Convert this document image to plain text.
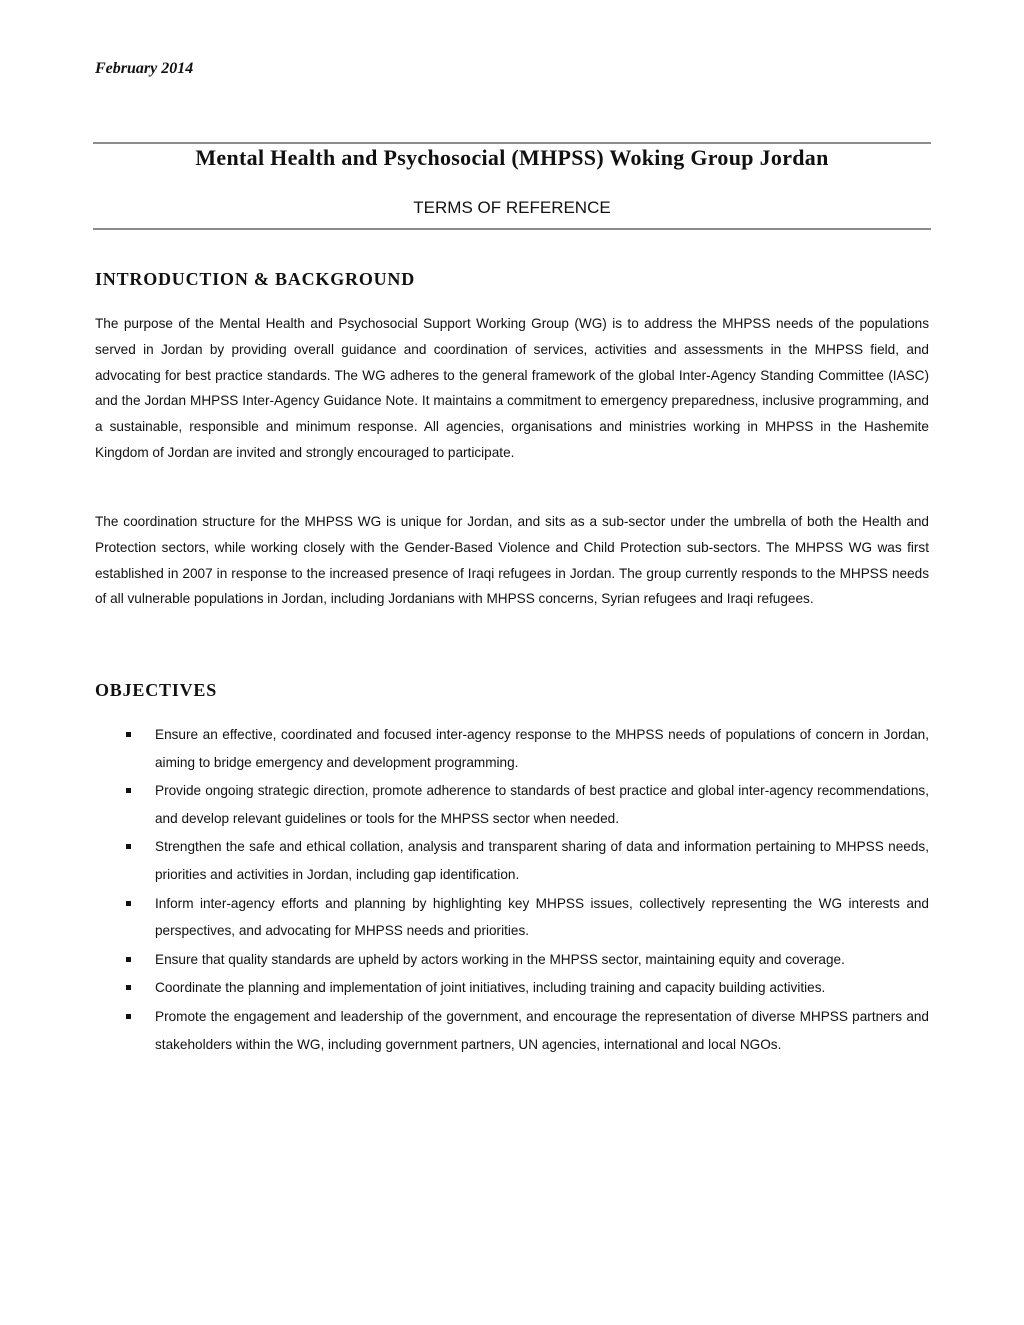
February 2014
Mental Health and Psychosocial (MHPSS) Woking Group Jordan
TERMS OF REFERENCE
INTRODUCTION & BACKGROUND

The purpose of the Mental Health and Psychosocial Support Working Group (WG) is to address the MHPSS needs of the populations served in Jordan by providing overall guidance and coordination of services, activities and assessments in the MHPSS field, and advocating for best practice standards. The WG adheres to the general framework of the global Inter-Agency Standing Committee (IASC) and the Jordan MHPSS Inter-Agency Guidance Note. It maintains a commitment to emergency preparedness, inclusive programming, and a sustainable, responsible and minimum response. All agencies, organisations and ministries working in MHPSS in the Hashemite Kingdom of Jordan are invited and strongly encouraged to participate.

The coordination structure for the MHPSS WG is unique for Jordan, and sits as a sub-sector under the umbrella of both the Health and Protection sectors, while working closely with the Gender-Based Violence and Child Protection sub-sectors. The MHPSS WG was first established in 2007 in response to the increased presence of Iraqi refugees in Jordan. The group currently responds to the MHPSS needs of all vulnerable populations in Jordan, including Jordanians with MHPSS concerns, Syrian refugees and Iraqi refugees.

OBJECTIVES
Ensure an effective, coordinated and focused inter-agency response to the MHPSS needs of populations of concern in Jordan, aiming to bridge emergency and development programming.
Provide ongoing strategic direction, promote adherence to standards of best practice and global inter-agency recommendations, and develop relevant guidelines or tools for the MHPSS sector when needed.
Strengthen the safe and ethical collation, analysis and transparent sharing of data and information pertaining to MHPSS needs, priorities and activities in Jordan, including gap identification.
Inform inter-agency efforts and planning by highlighting key MHPSS issues, collectively representing the WG interests and perspectives, and advocating for MHPSS needs and priorities.
Ensure that quality standards are upheld by actors working in the MHPSS sector, maintaining equity and coverage.
Coordinate the planning and implementation of joint initiatives, including training and capacity building activities.
Promote the engagement and leadership of the government, and encourage the representation of diverse MHPSS partners and stakeholders within the WG, including government partners, UN agencies, international and local NGOs.
